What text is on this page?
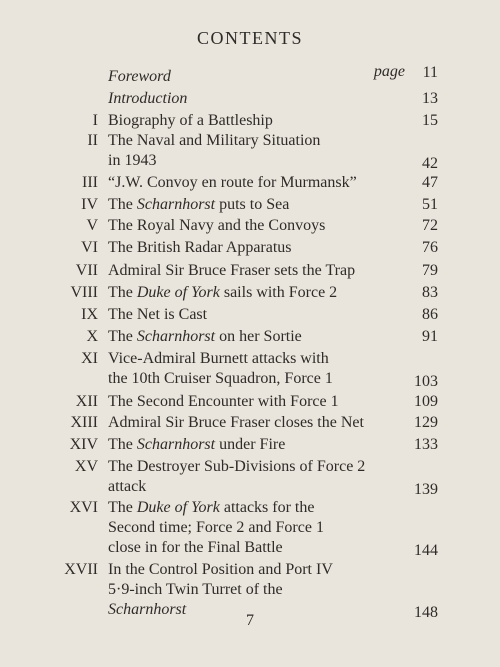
CONTENTS
page
Foreword	11
Introduction	13
I Biography of a Battleship	15
II The Naval and Military Situation
in 1943	42
III “J.W. Convoy en route for Murmansk”	47
IV The Scharnhorst puts to Sea	51
V The Royal Navy and the Convoys	72
VI The British Radar Apparatus	76
VII Admiral Sir Bruce Fraser sets the Trap	79
VIII The Duke of York sails with Force 2	83
IX The Net is Cast	86
X The Scharnhorst on her Sortie	91
XI Vice-Admiral Burnett attacks with
the 10th Cruiser Squadron, Force 1	103
XII The Second Encounter with Force 1	109
XIII Admiral Sir Bruce Fraser closes the Net	129
XIV The Scharnhorst under Fire	133
XV The Destroyer Sub-Divisions of Force 2
attack	139
XVI The Duke of York attacks for the
Second time; Force 2 and Force 1
close in for the Final Battle	144
XVII In the Control Position and Port IV
5·9-inch Twin Turret of the
Scharnhorst	148
7
